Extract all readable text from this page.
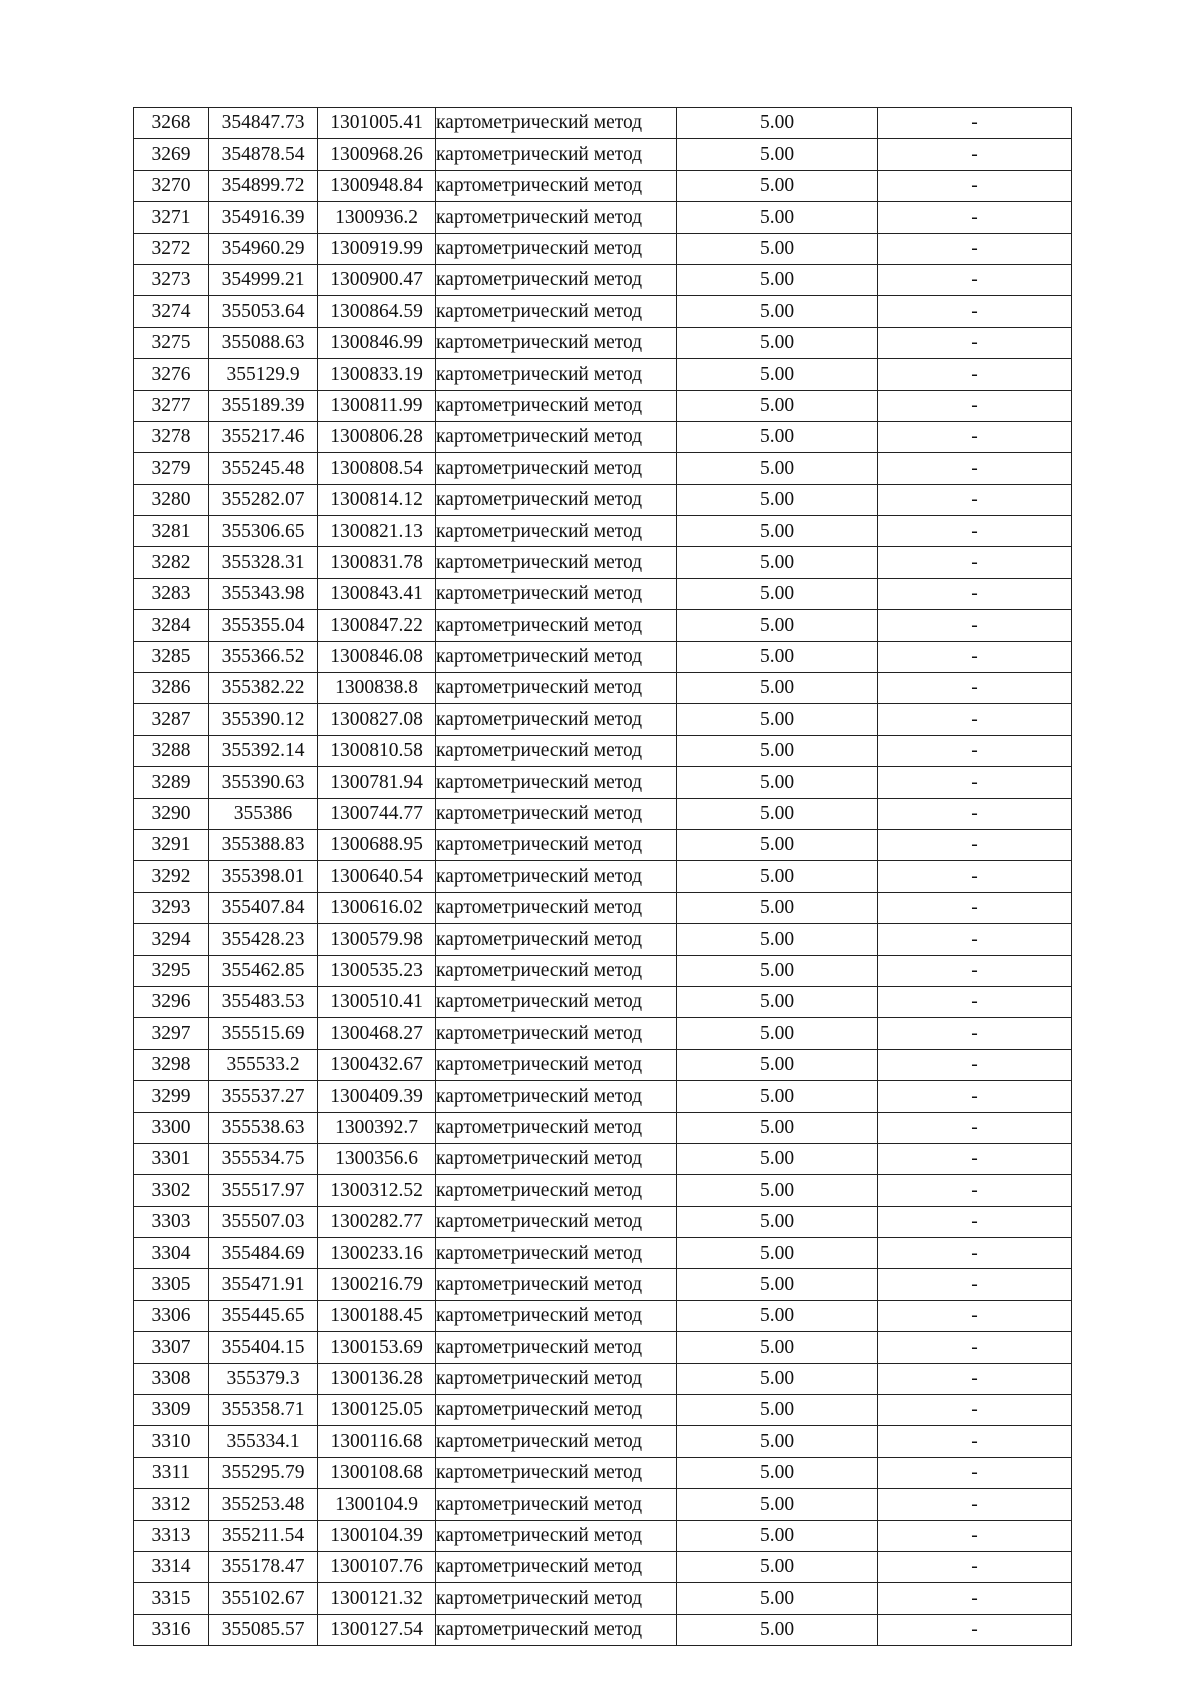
3268	354847.73	1301005.41	картометрический метод	5.00	-
3269	354878.54	1300968.26	картометрический метод	5.00	-
3270	354899.72	1300948.84	картометрический метод	5.00	-
3271	354916.39	1300936.2	картометрический метод	5.00	-
3272	354960.29	1300919.99	картометрический метод	5.00	-
3273	354999.21	1300900.47	картометрический метод	5.00	-
3274	355053.64	1300864.59	картометрический метод	5.00	-
3275	355088.63	1300846.99	картометрический метод	5.00	-
3276	355129.9	1300833.19	картометрический метод	5.00	-
3277	355189.39	1300811.99	картометрический метод	5.00	-
3278	355217.46	1300806.28	картометрический метод	5.00	-
3279	355245.48	1300808.54	картометрический метод	5.00	-
3280	355282.07	1300814.12	картометрический метод	5.00	-
3281	355306.65	1300821.13	картометрический метод	5.00	-
3282	355328.31	1300831.78	картометрический метод	5.00	-
3283	355343.98	1300843.41	картометрический метод	5.00	-
3284	355355.04	1300847.22	картометрический метод	5.00	-
3285	355366.52	1300846.08	картометрический метод	5.00	-
3286	355382.22	1300838.8	картометрический метод	5.00	-
3287	355390.12	1300827.08	картометрический метод	5.00	-
3288	355392.14	1300810.58	картометрический метод	5.00	-
3289	355390.63	1300781.94	картометрический метод	5.00	-
3290	355386	1300744.77	картометрический метод	5.00	-
3291	355388.83	1300688.95	картометрический метод	5.00	-
3292	355398.01	1300640.54	картометрический метод	5.00	-
3293	355407.84	1300616.02	картометрический метод	5.00	-
3294	355428.23	1300579.98	картометрический метод	5.00	-
3295	355462.85	1300535.23	картометрический метод	5.00	-
3296	355483.53	1300510.41	картометрический метод	5.00	-
3297	355515.69	1300468.27	картометрический метод	5.00	-
3298	355533.2	1300432.67	картометрический метод	5.00	-
3299	355537.27	1300409.39	картометрический метод	5.00	-
3300	355538.63	1300392.7	картометрический метод	5.00	-
3301	355534.75	1300356.6	картометрический метод	5.00	-
3302	355517.97	1300312.52	картометрический метод	5.00	-
3303	355507.03	1300282.77	картометрический метод	5.00	-
3304	355484.69	1300233.16	картометрический метод	5.00	-
3305	355471.91	1300216.79	картометрический метод	5.00	-
3306	355445.65	1300188.45	картометрический метод	5.00	-
3307	355404.15	1300153.69	картометрический метод	5.00	-
3308	355379.3	1300136.28	картометрический метод	5.00	-
3309	355358.71	1300125.05	картометрический метод	5.00	-
3310	355334.1	1300116.68	картометрический метод	5.00	-
3311	355295.79	1300108.68	картометрический метод	5.00	-
3312	355253.48	1300104.9	картометрический метод	5.00	-
3313	355211.54	1300104.39	картометрический метод	5.00	-
3314	355178.47	1300107.76	картометрический метод	5.00	-
3315	355102.67	1300121.32	картометрический метод	5.00	-
3316	355085.57	1300127.54	картометрический метод	5.00	-
